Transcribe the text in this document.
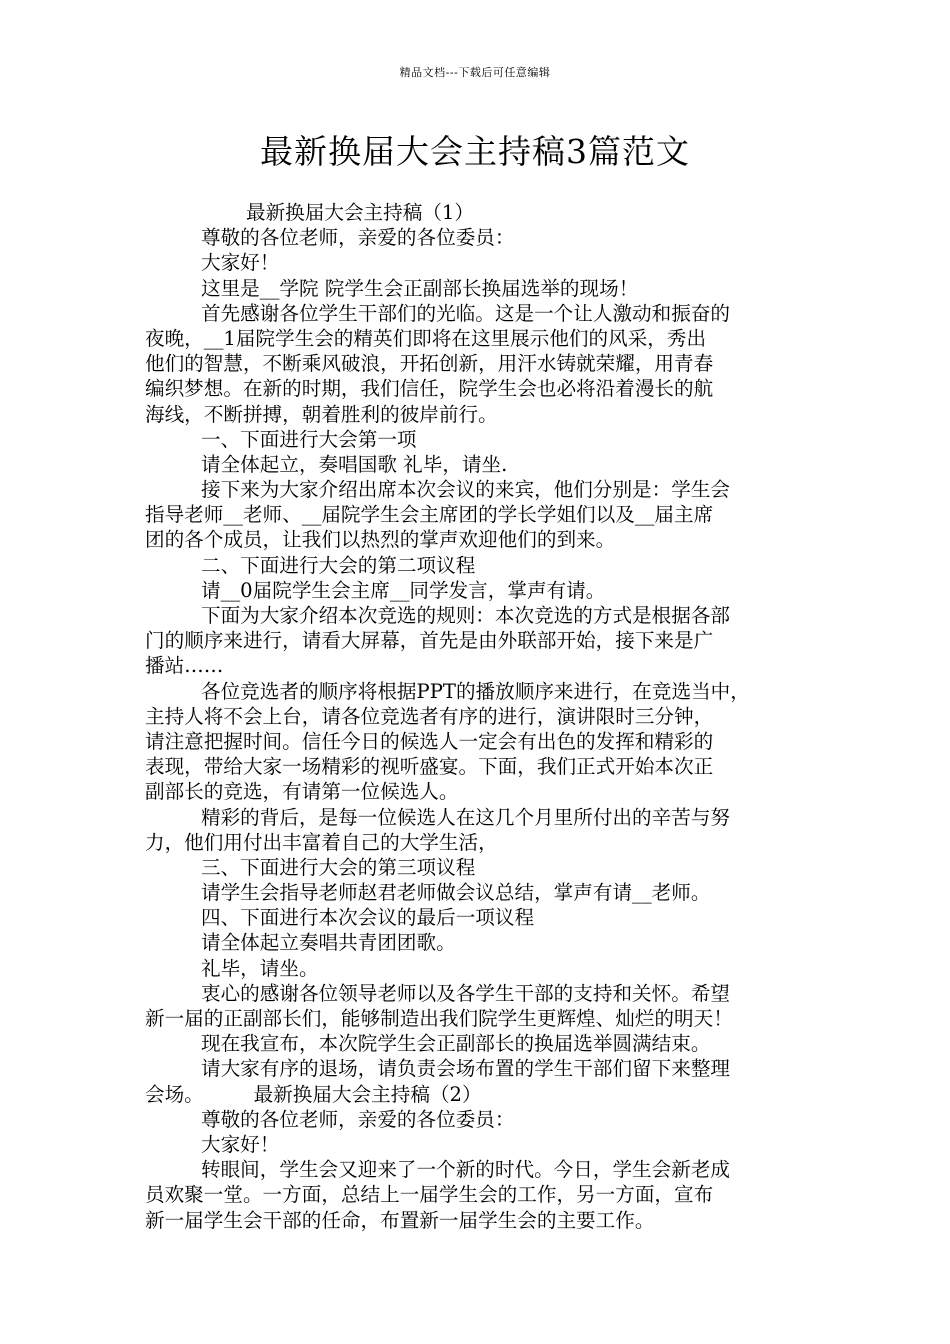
精品文档---下载后可任意编辑
最新换届大会主持稿3篇范文
最新换届大会主持稿（1）
尊敬的各位老师，亲爱的各位委员：
大家好！
这里是__学院 院学生会正副部长换届选举的现场！
首先感谢各位学生干部们的光临。这是一个让人激动和振奋的
夜晚，__1届院学生会的精英们即将在这里展示他们的风采，秀出
他们的智慧，不断乘风破浪，开拓创新，用汗水铸就荣耀，用青春
编织梦想。在新的时期，我们信任，院学生会也必将沿着漫长的航
海线，不断拼搏，朝着胜利的彼岸前行。
一、下面进行大会第一项
请全体起立，奏唱国歌 礼毕，请坐.
接下来为大家介绍出席本次会议的来宾，他们分别是：学生会
指导老师__老师、__届院学生会主席团的学长学姐们以及__届主席
团的各个成员，让我们以热烈的掌声欢迎他们的到来。
二、下面进行大会的第二项议程
请__0届院学生会主席__同学发言，掌声有请。
下面为大家介绍本次竞选的规则：本次竞选的方式是根据各部
门的顺序来进行，请看大屏幕，首先是由外联部开始，接下来是广
播站……
各位竞选者的顺序将根据PPT的播放顺序来进行，在竞选当中，
主持人将不会上台，请各位竞选者有序的进行，演讲限时三分钟，
请注意把握时间。信任今日的候选人一定会有出色的发挥和精彩的
表现，带给大家一场精彩的视听盛宴。下面，我们正式开始本次正
副部长的竞选，有请第一位候选人。
精彩的背后，是每一位候选人在这几个月里所付出的辛苦与努
力，他们用付出丰富着自己的大学生活，
三、下面进行大会的第三项议程
请学生会指导老师赵君老师做会议总结，掌声有请__老师。
四、下面进行本次会议的最后一项议程
请全体起立奏唱共青团团歌。
礼毕，请坐。
衷心的感谢各位领导老师以及各学生干部的支持和关怀。希望
新一届的正副部长们，能够制造出我们院学生更辉煌、灿烂的明天！
现在我宣布，本次院学生会正副部长的换届选举圆满结束。
请大家有序的退场，请负责会场布置的学生干部们留下来整理
会场。        最新换届大会主持稿（2）
尊敬的各位老师，亲爱的各位委员：
大家好！
转眼间，学生会又迎来了一个新的时代。今日，学生会新老成
员欢聚一堂。一方面，总结上一届学生会的工作，另一方面，宣布
新一届学生会干部的任命，布置新一届学生会的主要工作。
